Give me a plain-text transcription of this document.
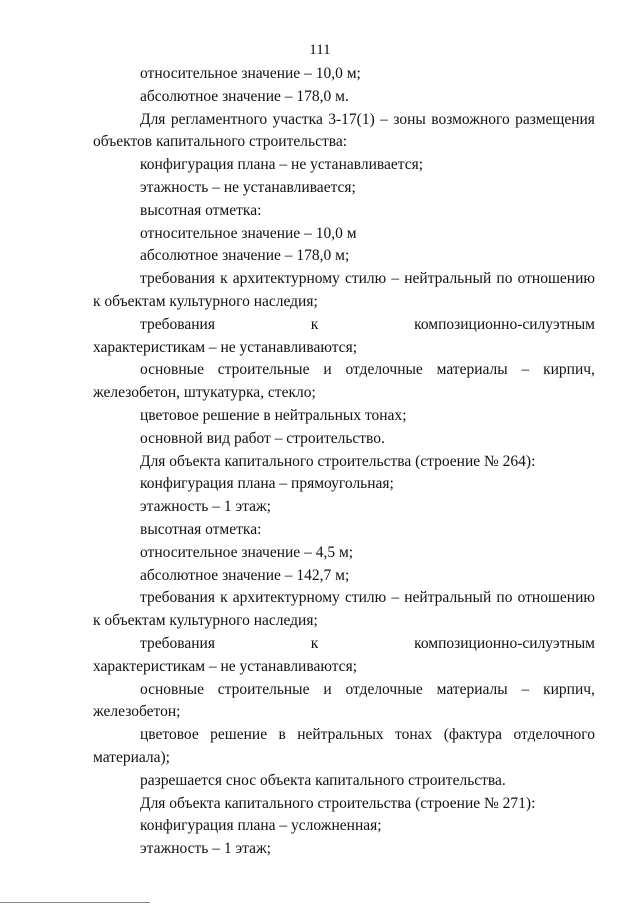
111
относительное значение – 10,0 м;
абсолютное значение – 178,0 м.
Для регламентного участка 3-17(1) – зоны возможного размещения
объектов капитального строительства:
конфигурация плана – не устанавливается;
этажность – не устанавливается;
высотная отметка:
относительное значение – 10,0 м
абсолютное значение – 178,0 м;
требования к архитектурному стилю – нейтральный по отношению
к объектам культурного наследия;
требования	к	композиционно-силуэтным
характеристикам – не устанавливаются;
основные строительные и отделочные материалы – кирпич,
железобетон, штукатурка, стекло;
цветовое решение в нейтральных тонах;
основной вид работ – строительство.
Для объекта капитального строительства (строение № 264):
конфигурация плана – прямоугольная;
этажность – 1 этаж;
высотная отметка:
относительное значение – 4,5 м;
абсолютное значение – 142,7 м;
требования к архитектурному стилю – нейтральный по отношению
к объектам культурного наследия;
требования	к	композиционно-силуэтным
характеристикам – не устанавливаются;
основные строительные и отделочные материалы – кирпич,
железобетон;
цветовое решение в нейтральных тонах (фактура отделочного
материала);
разрешается снос объекта капитального строительства.
Для объекта капитального строительства (строение № 271):
конфигурация плана – усложненная;
этажность – 1 этаж;
